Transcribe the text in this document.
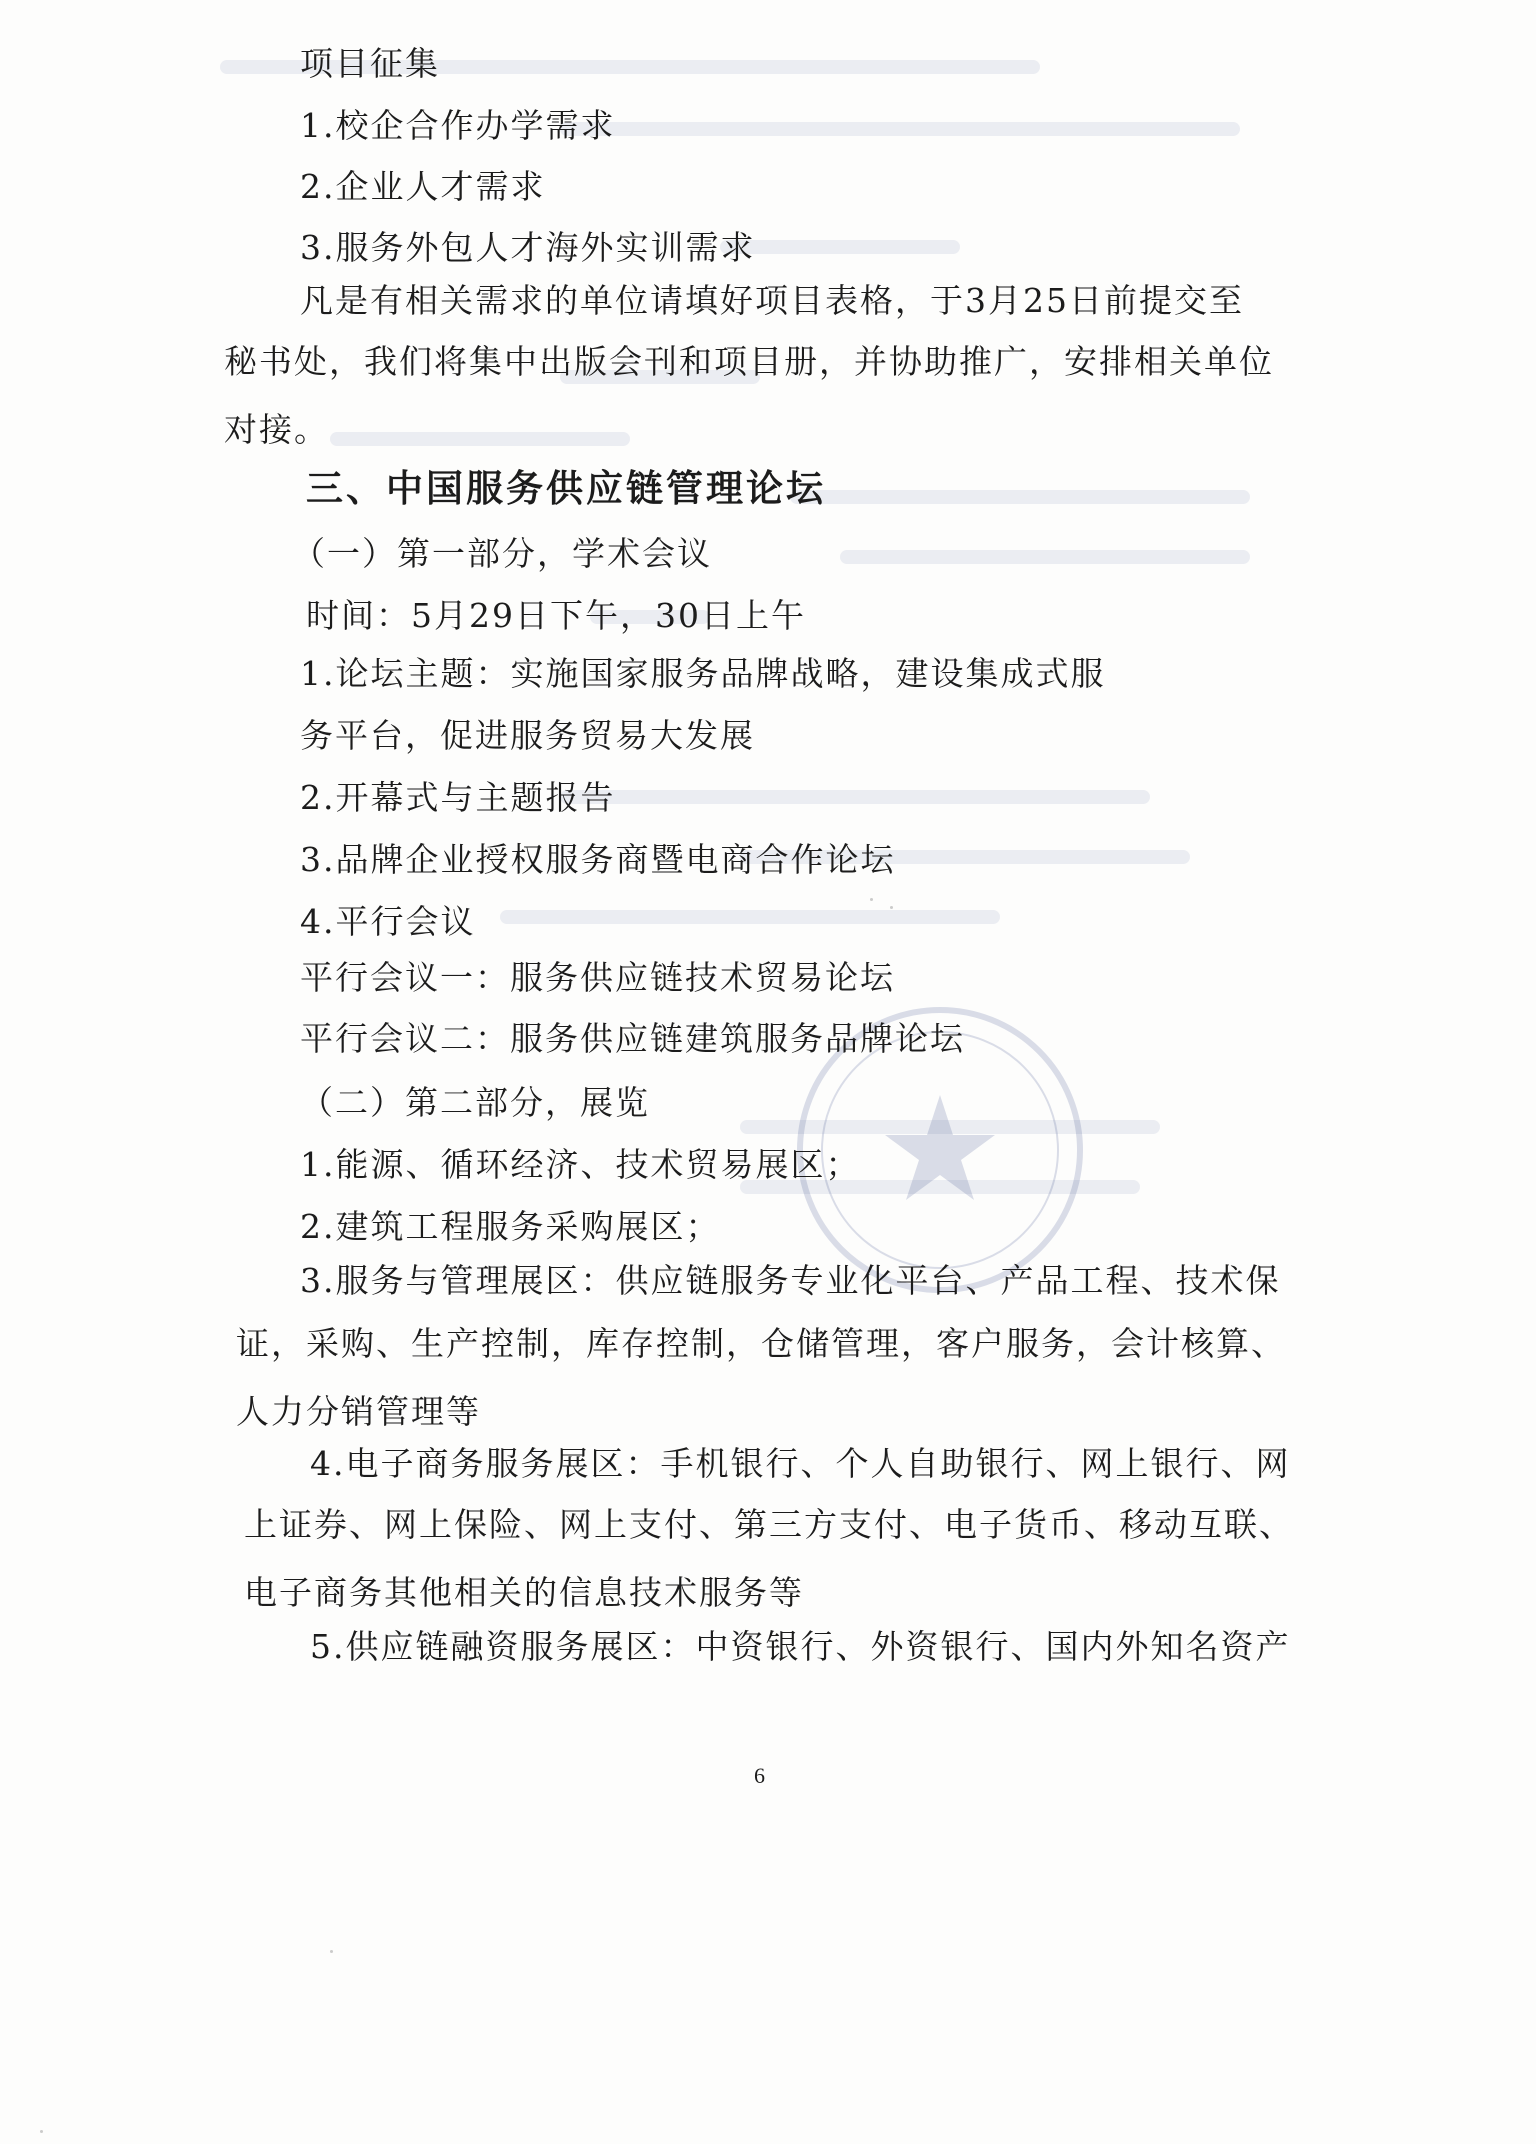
项目征集
1.校企合作办学需求
2.企业人才需求
3.服务外包人才海外实训需求
凡是有相关需求的单位请填好项目表格，于3月25日前提交至
秘书处，我们将集中出版会刊和项目册，并协助推广，安排相关单位
对接。
三、中国服务供应链管理论坛
（一）第一部分，学术会议
时间：5月29日下午，30日上午
1.论坛主题：实施国家服务品牌战略，建设集成式服
务平台，促进服务贸易大发展
2.开幕式与主题报告
3.品牌企业授权服务商暨电商合作论坛
4.平行会议
平行会议一：服务供应链技术贸易论坛
平行会议二：服务供应链建筑服务品牌论坛
（二）第二部分，展览
1.能源、循环经济、技术贸易展区；
2.建筑工程服务采购展区；
3.服务与管理展区：供应链服务专业化平台、产品工程、技术保
证，采购、生产控制，库存控制，仓储管理，客户服务，会计核算、
人力分销管理等
4.电子商务服务展区：手机银行、个人自助银行、网上银行、网
上证券、网上保险、网上支付、第三方支付、电子货币、移动互联、
电子商务其他相关的信息技术服务等
5.供应链融资服务展区：中资银行、外资银行、国内外知名资产
6
